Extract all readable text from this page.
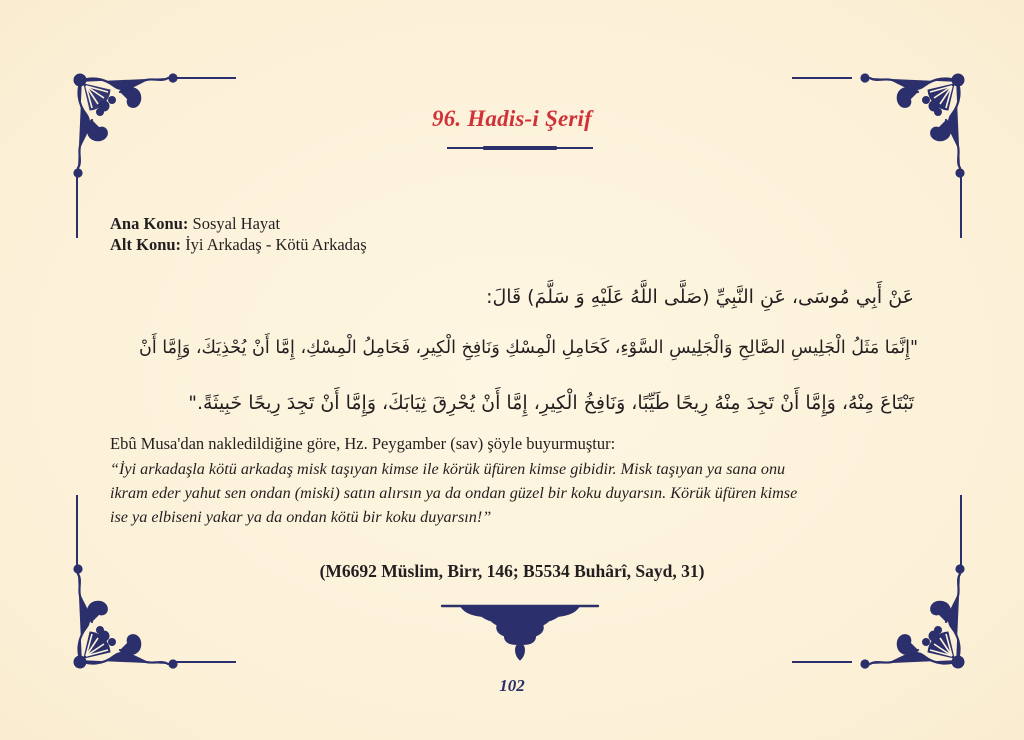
96. Hadis-i Şerif
Ana Konu: Sosyal Hayat
Alt Konu: İyi Arkadaş - Kötü Arkadaş
عَنْ أَبِي مُوسَى، عَنِ النَّبِيِّ (صَلَّى اللَّهُ عَلَيْهِ وَ سَلَّمَ) قَالَ:
"إِنَّمَا مَثَلُ الْجَلِيسِ الصَّالِحِ وَالْجَلِيسِ السَّوْءِ، كَحَامِلِ الْمِسْكِ وَنَافِخِ الْكِيرِ، فَحَامِلُ الْمِسْكِ، إِمَّا أَنْ يُحْذِيَكَ، وَإِمَّا أَنْ
تَبْتَاعَ مِنْهُ، وَإِمَّا أَنْ تَجِدَ مِنْهُ رِيحًا طَيِّبًا، وَنَافِخُ الْكِيرِ، إِمَّا أَنْ يُحْرِقَ ثِيَابَكَ، وَإِمَّا أَنْ تَجِدَ رِيحًا خَبِيثَةً."
Ebû Musa'dan nakledildiğine göre, Hz. Peygamber (sav) şöyle buyurmuştur:
“İyi arkadaşla kötü arkadaş misk taşıyan kimse ile körük üfüren kimse gibidir. Misk taşıyan ya sana onu
ikram eder yahut sen ondan (miski) satın alırsın ya da ondan güzel bir koku duyarsın. Körük üfüren kimse
ise ya elbiseni yakar ya da ondan kötü bir koku duyarsın!”
(M6692 Müslim, Birr, 146; B5534 Buhârî, Sayd, 31)
102
